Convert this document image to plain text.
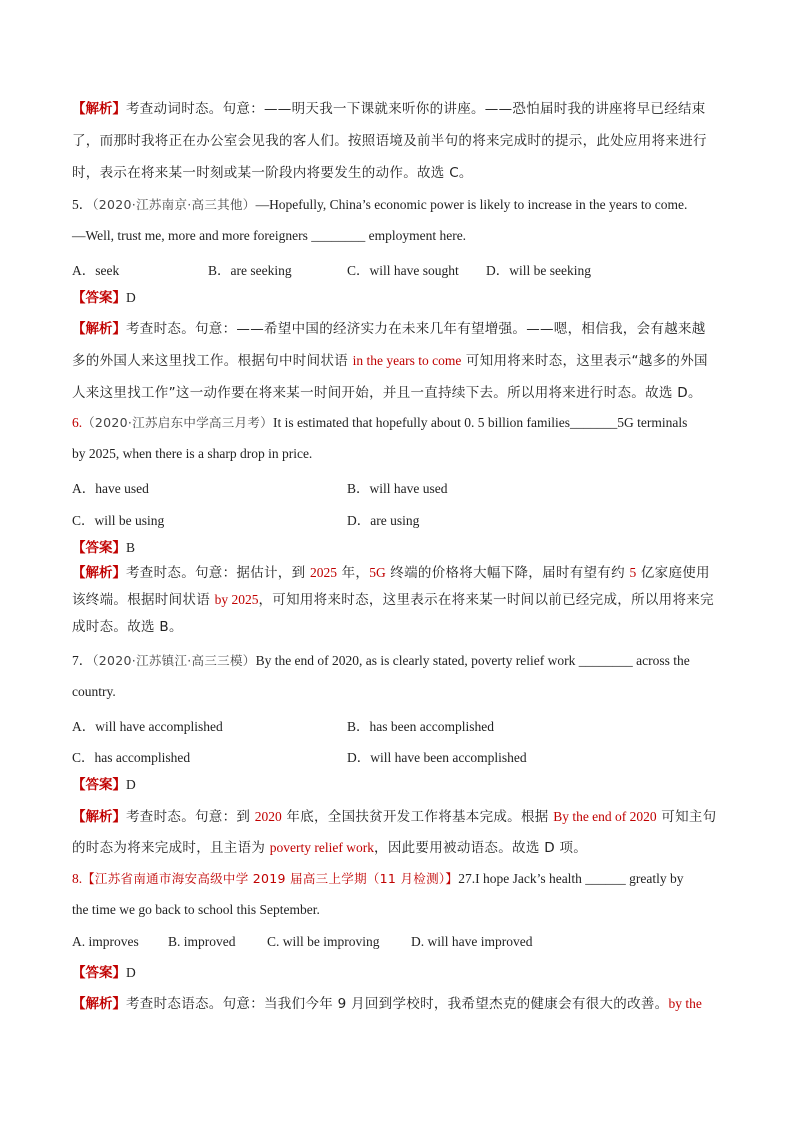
【解析】考查动词时态。句意：——明天我一下课就来听你的讲座。——恐怕届时我的讲座将早已经结束
了，而那时我将正在办公室会见我的客人们。按照语境及前半句的将来完成时的提示，此处应用将来进行
时，表示在将来某一时刻或某一阶段内将要发生的动作。故选 C。
5．（2020·江苏南京·高三其他）—Hopefully, China’s economic power is likely to increase in the years to come.
—Well, trust me, more and more foreigners ________ employment here.
A．seek	B．are seeking	C．will have sought D．will be seeking
【答案】D
【解析】考查时态。句意：——希望中国的经济实力在未来几年有望增强。——嗯，相信我，会有越来越
多的外国人来这里找工作。根据句中时间状语 in the years to come 可知用将来时态，这里表示“越多的外国
人来这里找工作”这一动作要在将来某一时间开始，并且一直持续下去。所以用将来进行时态。故选 D。
6.（2020·江苏启东中学高三月考）It is estimated that hopefully about 0. 5 billion families_______5G terminals
by 2025, when there is a sharp drop in price.
A．have used	B．will have used
C．will be using	D．are using
【答案】B
【解析】考查时态。句意：据估计，到 2025 年，5G 终端的价格将大幅下降，届时有望有约 5 亿家庭使用
该终端。根据时间状语 by 2025，可知用将来时态，这里表示在将来某一时间以前已经完成，所以用将来完
成时态。故选 B。
7．（2020·江苏镇江·高三三模）By the end of 2020, as is clearly stated, poverty relief work ________ across the
country.
A．will have accomplished	B．has been accomplished
C．has accomplished	D．will have been accomplished
【答案】D
【解析】考查时态。句意：到 2020 年底，全国扶贫开发工作将基本完成。根据 By the end of 2020 可知主句
的时态为将来完成时，且主语为 poverty relief work，因此要用被动语态。故选 D 项。
8.【江苏省南通市海安高级中学 2019 届高三上学期（11 月检测）】27.I hope Jack’s health ______ greatly by
the time we go back to school this September.
A. improves B. improved C. will be improving D. will have improved
【答案】D
【解析】考查时态语态。句意：当我们今年 9 月回到学校时，我希望杰克的健康会有很大的改善。by the
